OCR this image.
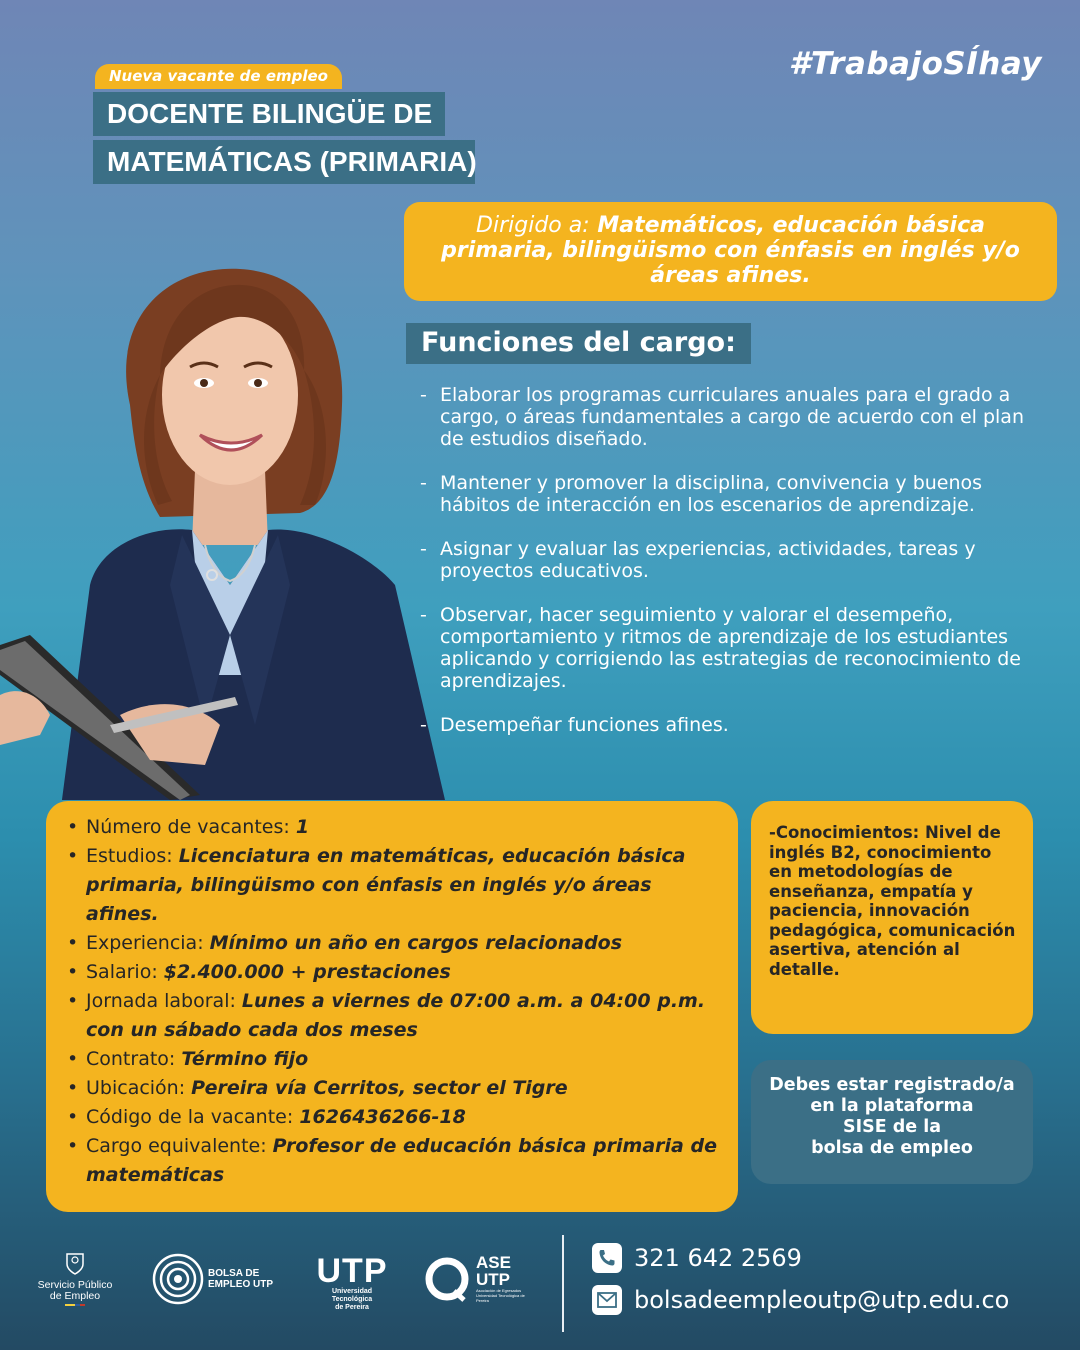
#TrabajoSÍhay
Nueva vacante de empleo
DOCENTE BILINGÜE DE
MATEMÁTICAS (PRIMARIA)
Dirigido a: Matemáticos, educación básica primaria, bilingüismo con énfasis en inglés y/o áreas afines.
Funciones del cargo:
- Elaborar los programas curriculares anuales para el grado a cargo, o áreas fundamentales a cargo de acuerdo con el plan de estudios diseñado.
- Mantener y promover la disciplina, convivencia y buenos hábitos de interacción en los escenarios de aprendizaje.
- Asignar y evaluar las experiencias, actividades, tareas y proyectos educativos.
- Observar, hacer seguimiento y valorar el desempeño, comportamiento y ritmos de aprendizaje de los estudiantes aplicando y corrigiendo las estrategias de reconocimiento de aprendizajes.
- Desempeñar funciones afines.
• Número de vacantes: 1
• Estudios: Licenciatura en matemáticas, educación básica primaria, bilingüismo con énfasis en inglés y/o áreas afines.
• Experiencia: Mínimo un año en cargos relacionados
• Salario: $2.400.000 + prestaciones
• Jornada laboral: Lunes a viernes de 07:00 a.m. a 04:00 p.m. con un sábado cada dos meses
• Contrato: Término fijo
• Ubicación: Pereira vía Cerritos, sector el Tigre
• Código de la vacante: 1626436266-18
• Cargo equivalente: Profesor de educación básica primaria de matemáticas
-Conocimientos: Nivel de inglés B2, conocimiento en metodologías de enseñanza, empatía y paciencia, innovación pedagógica, comunicación asertiva, atención al detalle.
Debes estar registrado/a
en la plataforma
SISE de la
bolsa de empleo
Servicio Público
de Empleo
BOLSA DE
EMPLEO UTP UTP
Universidad Tecnológica
de Pereira
ASE
UTP
Asociación de Egresados Universidad Tecnológica de Pereira
321 642 2569
bolsadeempleoutp@utp.edu.co
